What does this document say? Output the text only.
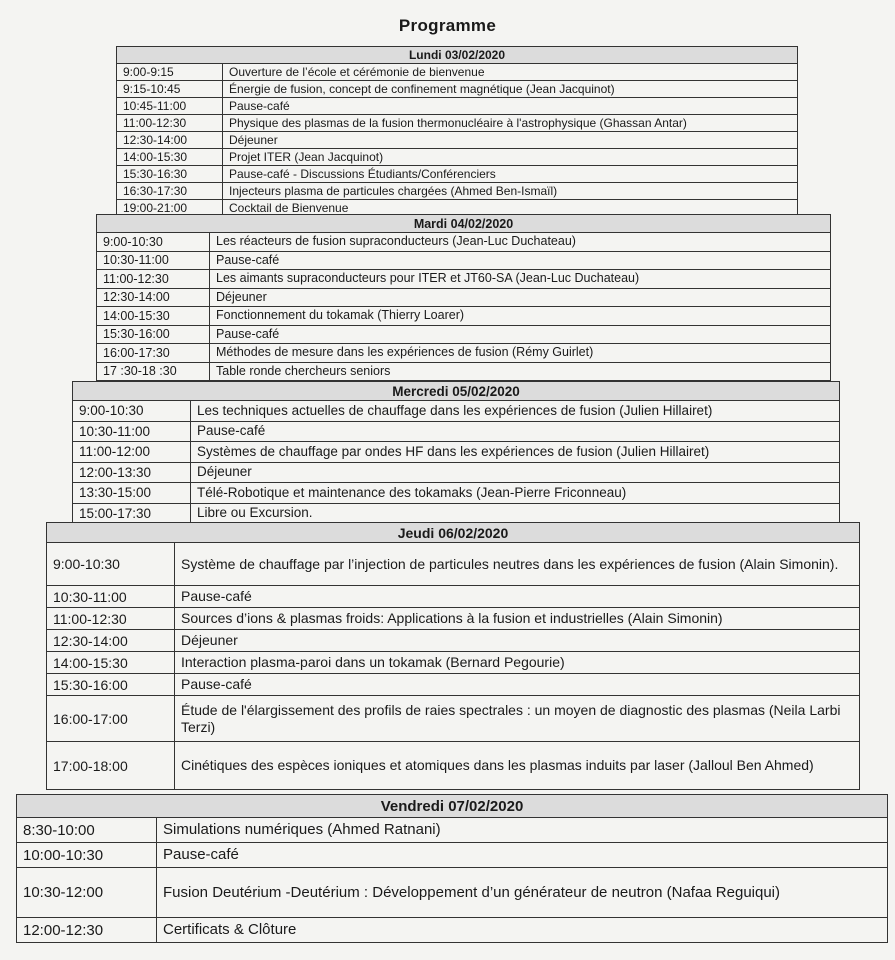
Programme
Lundi 03/02/2020	
9:00-9:15	Ouverture de l’école et cérémonie de bienvenue
9:15-10:45	Énergie de fusion, concept de confinement magnétique (Jean Jacquinot)
10:45-11:00	Pause-café
11:00-12:30	Physique des plasmas de la fusion thermonucléaire à l'astrophysique (Ghassan Antar)
12:30-14:00	Déjeuner
14:00-15:30	Projet ITER (Jean Jacquinot)
15:30-16:30	Pause-café - Discussions Étudiants/Conférenciers
16:30-17:30	Injecteurs plasma de particules chargées (Ahmed Ben-Ismaïl)
19:00-21:00	Cocktail de Bienvenue
Mardi 04/02/2020	
9:00-10:30	Les réacteurs de fusion supraconducteurs (Jean-Luc Duchateau)
10:30-11:00	Pause-café
11:00-12:30	Les aimants supraconducteurs pour ITER et JT60-SA (Jean-Luc Duchateau)
12:30-14:00	Déjeuner
14:00-15:30	Fonctionnement du tokamak (Thierry Loarer)
15:30-16:00	Pause-café
16:00-17:30	Méthodes de mesure dans les expériences de fusion (Rémy Guirlet)
17 :30-18 :30	Table ronde chercheurs seniors
Mercredi 05/02/2020	
9:00-10:30	Les techniques actuelles de chauffage dans les expériences de fusion (Julien Hillairet)
10:30-11:00	Pause-café
11:00-12:00	Systèmes de chauffage par ondes HF dans les expériences de fusion (Julien Hillairet)
12:00-13:30	Déjeuner
13:30-15:00	Télé-Robotique et maintenance des tokamaks (Jean-Pierre Friconneau)
15:00-17:30	Libre ou Excursion.
Jeudi 06/02/2020	
9:00-10:30	Système de chauffage par l’injection de particules neutres dans les expériences de fusion (Alain Simonin).
10:30-11:00	Pause-café
11:00-12:30	Sources d’ions & plasmas froids: Applications à la fusion et industrielles (Alain Simonin)
12:30-14:00	Déjeuner
14:00-15:30	Interaction plasma-paroi dans un tokamak (Bernard Pegourie)
15:30-16:00	Pause-café
16:00-17:00	Étude de l'élargissement des profils de raies spectrales : un moyen de diagnostic des plasmas (Neila Larbi Terzi)
17:00-18:00	Cinétiques des espèces ioniques et atomiques dans les plasmas induits par laser (Jalloul Ben Ahmed)
Vendredi 07/02/2020	
8:30-10:00	Simulations numériques (Ahmed Ratnani)
10:00-10:30	Pause-café
10:30-12:00	Fusion Deutérium -Deutérium : Développement d’un générateur de neutron (Nafaa Reguiqui)
12:00-12:30	Certificats & Clôture
